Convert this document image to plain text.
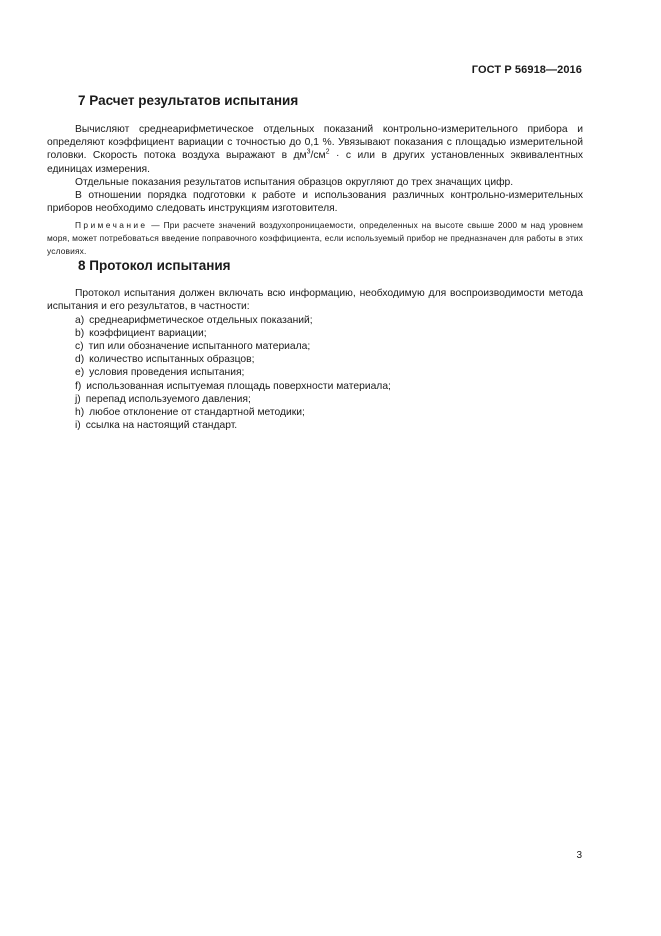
ГОСТ Р 56918—2016
7 Расчет результатов испытания

Вычисляют среднеарифметическое отдельных показаний контрольно-измерительного прибора и определяют коэффициент вариации с точностью до 0,1 %. Увязывают показания с площадью измерительной головки. Скорость потока воздуха выражают в $дм^3/см^2 \cdot с$ или в других установленных эквивалентных единицах измерения.

Отдельные показания результатов испытания образцов округляют до трех значащих цифр.

В отношении порядка подготовки к работе и использования различных контрольно-измерительных приборов необходимо следовать инструкциям изготовителя.

Примечание — При расчете значений воздухопроницаемости, определенных на высоте свыше 2000 м над уровнем моря, может потребоваться введение поправочного коэффициента, если используемый прибор не предназначен для работы в этих условиях.

8 Протокол испытания

Протокол испытания должен включать всю информацию, необходимую для воспроизводимости метода испытания и его результатов, в частности:

a) среднеарифметическое отдельных показаний;
b) коэффициент вариации;
c) тип или обозначение испытанного материала;
d) количество испытанных образцов;
e) условия проведения испытания;
f) использованная испытуемая площадь поверхности материала;
j) перепад используемого давления;
h) любое отклонение от стандартной методики;
i) ссылка на настоящий стандарт.
3
